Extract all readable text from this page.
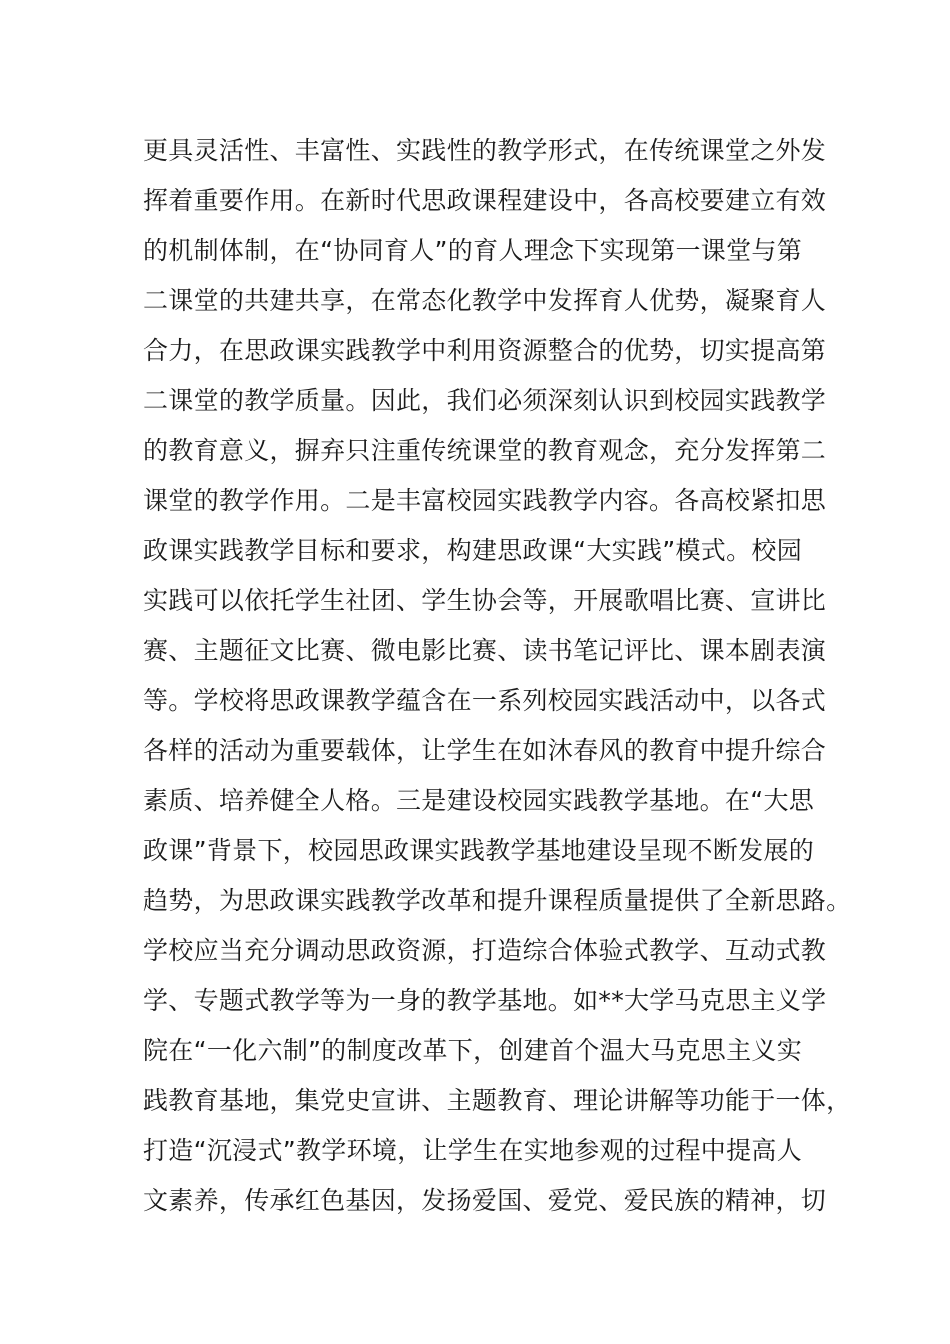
更具灵活性、丰富性、实践性的教学形式，在传统课堂之外发
挥着重要作用。在新时代思政课程建设中，各高校要建立有效
的机制体制，在“协同育人”的育人理念下实现第一课堂与第
二课堂的共建共享，在常态化教学中发挥育人优势，凝聚育人
合力，在思政课实践教学中利用资源整合的优势，切实提高第
二课堂的教学质量。因此，我们必须深刻认识到校园实践教学
的教育意义，摒弃只注重传统课堂的教育观念，充分发挥第二
课堂的教学作用。二是丰富校园实践教学内容。各高校紧扣思
政课实践教学目标和要求，构建思政课“大实践”模式。校园
实践可以依托学生社团、学生协会等，开展歌唱比赛、宣讲比
赛、主题征文比赛、微电影比赛、读书笔记评比、课本剧表演
等。学校将思政课教学蕴含在一系列校园实践活动中，以各式
各样的活动为重要载体，让学生在如沐春风的教育中提升综合
素质、培养健全人格。三是建设校园实践教学基地。在“大思
政课”背景下，校园思政课实践教学基地建设呈现不断发展的
趋势，为思政课实践教学改革和提升课程质量提供了全新思路。
学校应当充分调动思政资源，打造综合体验式教学、互动式教
学、专题式教学等为一身的教学基地。如**大学马克思主义学
院在“一化六制”的制度改革下，创建首个温大马克思主义实
践教育基地，集党史宣讲、主题教育、理论讲解等功能于一体，
打造“沉浸式”教学环境，让学生在实地参观的过程中提高人
文素养，传承红色基因，发扬爱国、爱党、爱民族的精神，切
